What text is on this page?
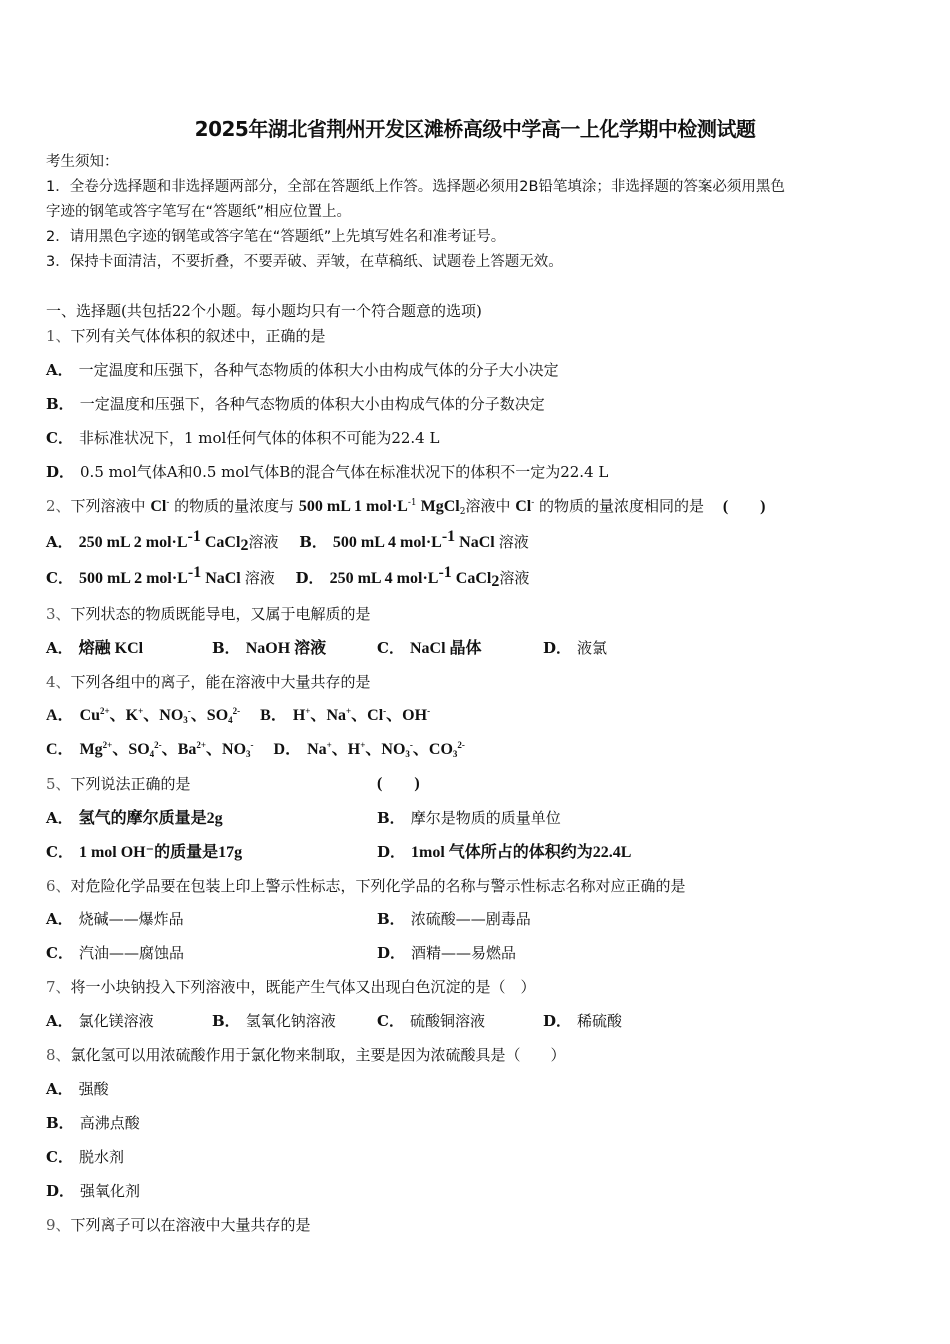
2025年湖北省荆州开发区滩桥高级中学高一上化学期中检测试题
考生须知：
1．全卷分选择题和非选择题两部分，全部在答题纸上作答。选择题必须用2B铅笔填涂；非选择题的答案必须用黑色
字迹的钢笔或答字笔写在“答题纸”相应位置上。
2．请用黑色字迹的钢笔或答字笔在“答题纸”上先填写姓名和准考证号。
3．保持卡面清洁，不要折叠，不要弄破、弄皱，在草稿纸、试题卷上答题无效。
一、选择题(共包括22个小题。每小题均只有一个符合题意的选项)
1、下列有关气体体积的叙述中，正确的是
A． 一定温度和压强下，各种气态物质的体积大小由构成气体的分子大小决定
B． 一定温度和压强下，各种气态物质的体积大小由构成气体的分子数决定
C． 非标准状况下，1 mol任何气体的体积不可能为22.4 L
D． 0.5 mol气体A和0.5 mol气体B的混合气体在标准状况下的体积不一定为22.4 L
2、下列溶液中 Cl- 的物质的量浓度与 500 mL 1 $mol\cdot L^{-1}$ MgCl$_2$溶液中 Cl- 的物质的量浓度相同的是 (　　)
A． 250 mL 2 $mol\cdot L^{-1}$ CaCl$_2$溶液 B． 500 mL 4 $mol\cdot L^{-1}$ NaCl 溶液
C． 500 mL 2 $mol\cdot L^{-1}$ NaCl 溶液 D． 250 mL 4 $mol\cdot L^{-1}$ CaCl$_2$溶液
3、下列状态的物质既能导电，又属于电解质的是
A． 熔融 KCl	B． NaOH 溶液	C． NaCl 晶体	D． 液氯
4、下列各组中的离子，能在溶液中大量共存的是
A． $Cu^{2+}$、K+、$NO_3^-$、$SO_4^{2-}$ B． H+、Na+、Cl-、OH-
C． $Mg^{2+}$、$SO_4^{2-}$、$Ba^{2+}$、$NO_3^-$ D． Na+、H+、$NO_3^-$、$CO_3^{2-}$
5、下列说法正确的是	(　　)
A． 氢气的摩尔质量是2g	B． 摩尔是物质的质量单位
C． 1 mol OH⁻的质量是17g	D． 1mol 气体所占的体积约为22.4L
6、对危险化学品要在包装上印上警示性标志，下列化学品的名称与警示性标志名称对应正确的是
A． 烧碱——爆炸品	B． 浓硫酸——剧毒品
C． 汽油——腐蚀品	D． 酒精——易燃品
7、将一小块钠投入下列溶液中，既能产生气体又出现白色沉淀的是（　）
A． 氯化镁溶液	B． 氢氧化钠溶液	C． 硫酸铜溶液	D． 稀硫酸
8、氯化氢可以用浓硫酸作用于氯化物来制取，主要是因为浓硫酸具是（　　）
A． 强酸
B． 高沸点酸
C． 脱水剂
D． 强氧化剂
9、下列离子可以在溶液中大量共存的是
